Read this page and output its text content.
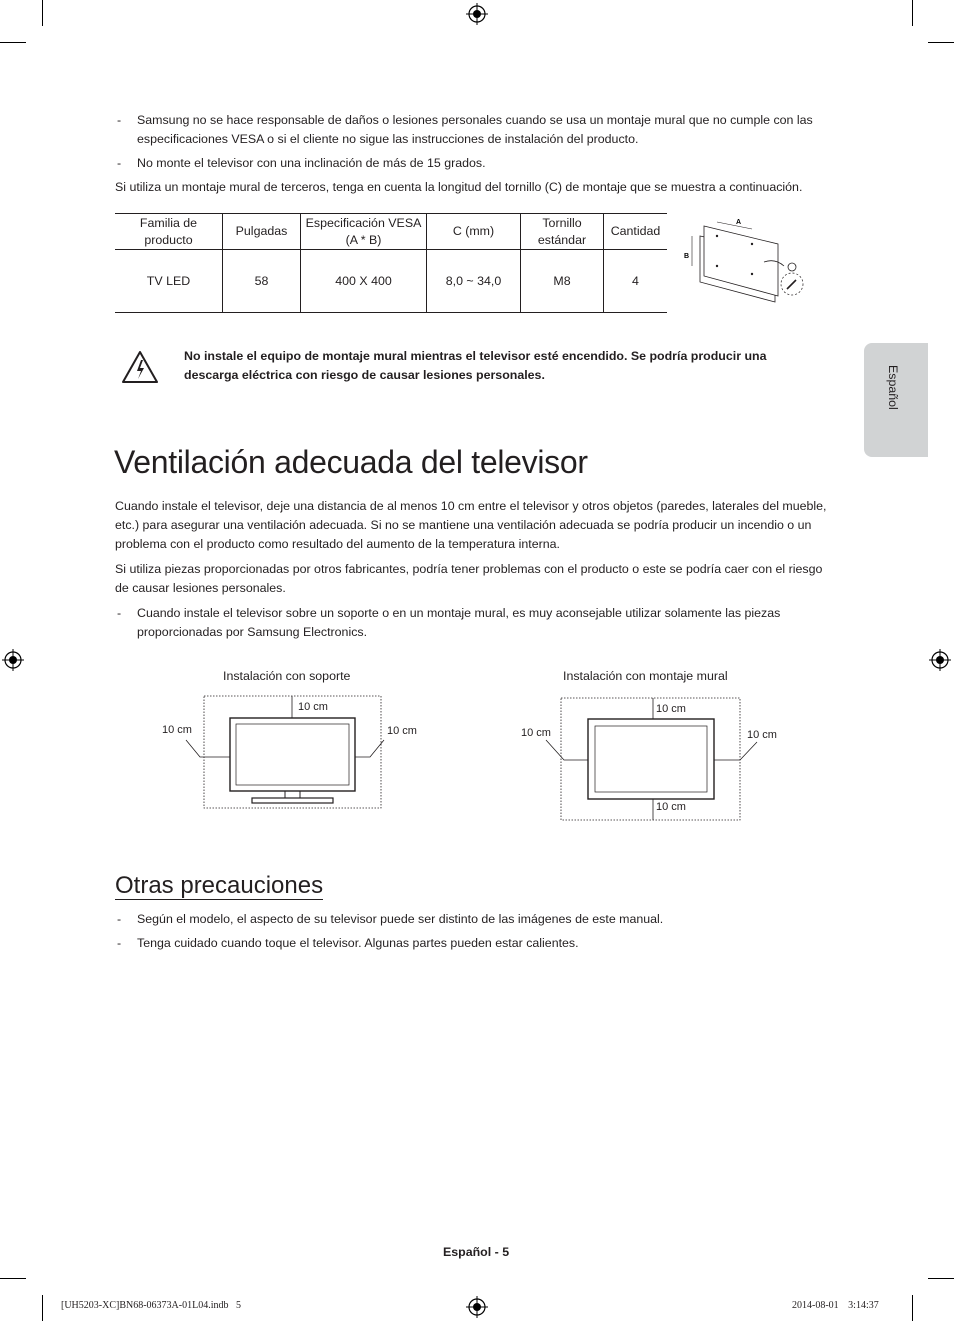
- Samsung no se hace responsable de daños o lesiones personales cuando se usa un montaje mural que no cumple con las especificaciones VESA o si el cliente no sigue las instrucciones de instalación del producto.
- No monte el televisor con una inclinación de más de 15 grados.
Si utiliza un montaje mural de terceros, tenga en cuenta la longitud del tornillo (C) de montaje que se muestra a continuación.
Familia de producto	Pulgadas	Especificación VESA (A * B)	C (mm)	Tornillo estándar	Cantidad
TV LED	58	400 X 400	8,0 ~ 34,0	M8	4
A
B
No instale el equipo de montaje mural mientras el televisor esté encendido. Se podría producir una descarga eléctrica con riesgo de causar lesiones personales.
Ventilación adecuada del televisor
Cuando instale el televisor, deje una distancia de al menos 10 cm entre el televisor y otros objetos (paredes, laterales del mueble, etc.) para asegurar una ventilación adecuada. Si no se mantiene una ventilación adecuada se podría producir un incendio o un problema con el producto como resultado del aumento de la temperatura interna.
Si utiliza piezas proporcionadas por otros fabricantes, podría tener problemas con el producto o este se podría caer con el riesgo de causar lesiones personales.
- Cuando instale el televisor sobre un soporte o en un montaje mural, es muy aconsejable utilizar solamente las piezas proporcionadas por Samsung Electronics.
Instalación con soporte	Instalación con montaje mural
10 cm
10 cm	10 cm
10 cm
10 cm	10 cm
10 cm
Otras precauciones
- Según el modelo, el aspecto de su televisor puede ser distinto de las imágenes de este manual.
- Tenga cuidado cuando toque el televisor. Algunas partes pueden estar calientes.
Español
Español - 5
[UH5203-XC]BN68-06373A-01L04.indb   5	2014-08-01    3:14:37
